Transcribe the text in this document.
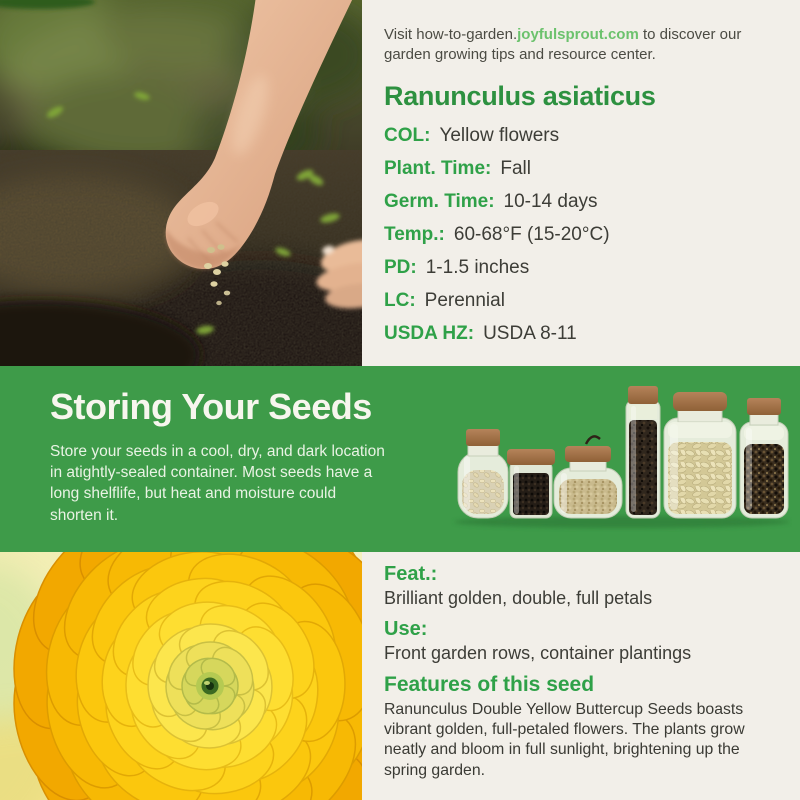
Visit how-to-garden.joyfulsprout.com to discover our garden growing tips and resource center.

Ranunculus asiaticus
COL: Yellow flowers
Plant. Time: Fall
Germ. Time: 10-14 days
Temp.: 60-68°F (15-20°C)
PD: 1-1.5 inches
LC: Perennial
USDA HZ: USDA 8-11
Storing Your Seeds

Store your seeds in a cool, dry, and dark location in atightly-sealed container. Most seeds have a long shelflife, but heat and moisture could shorten it.

Feat.:

Brilliant golden, double, full petals

Use:

Front garden rows, container plantings

Features of this seed

Ranunculus Double Yellow Buttercup Seeds boasts vibrant golden, full-petaled flowers. The plants grow neatly and bloom in full sunlight, brightening up the spring garden.
